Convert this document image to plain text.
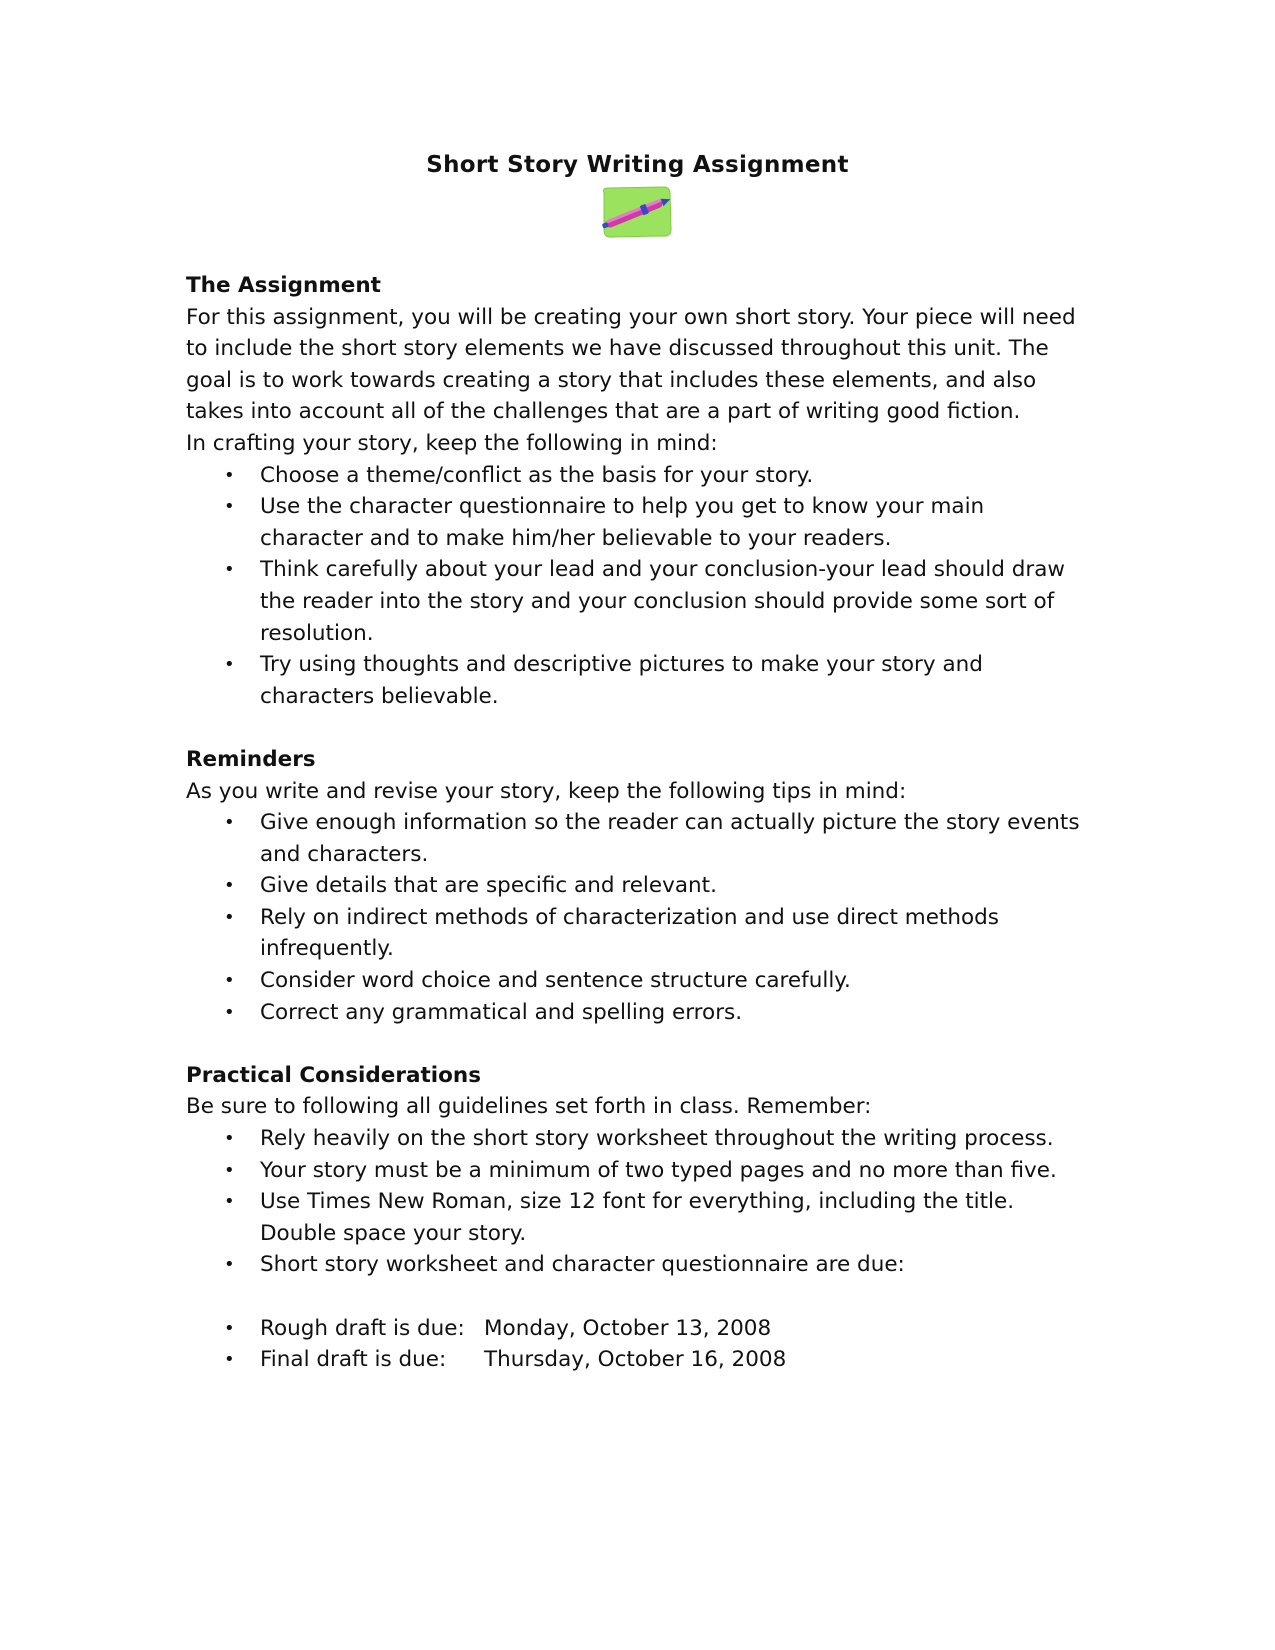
Short Story Writing Assignment
The Assignment
For this assignment, you will be creating your own short story. Your piece will need
to include the short story elements we have discussed throughout this unit. The
goal is to work towards creating a story that includes these elements, and also
takes into account all of the challenges that are a part of writing good fiction.
In crafting your story, keep the following in mind:
• Choose a theme/conflict as the basis for your story.
• Use the character questionnaire to help you get to know your main character and to make him/her believable to your readers.
• Think carefully about your lead and your conclusion-your lead should draw the reader into the story and your conclusion should provide some sort of resolution.
• Try using thoughts and descriptive pictures to make your story and characters believable.
Reminders
As you write and revise your story, keep the following tips in mind:
• Give enough information so the reader can actually picture the story events and characters.
• Give details that are specific and relevant.
• Rely on indirect methods of characterization and use direct methods infrequently.
• Consider word choice and sentence structure carefully.
• Correct any grammatical and spelling errors.
Practical Considerations
Be sure to following all guidelines set forth in class. Remember:
• Rely heavily on the short story worksheet throughout the writing process.
• Your story must be a minimum of two typed pages and no more than five.
• Use Times New Roman, size 12 font for everything, including the title. Double space your story.
• Short story worksheet and character questionnaire are due:
• Rough draft is due: Monday, October 13, 2008
• Final draft is due: Thursday, October 16, 2008
